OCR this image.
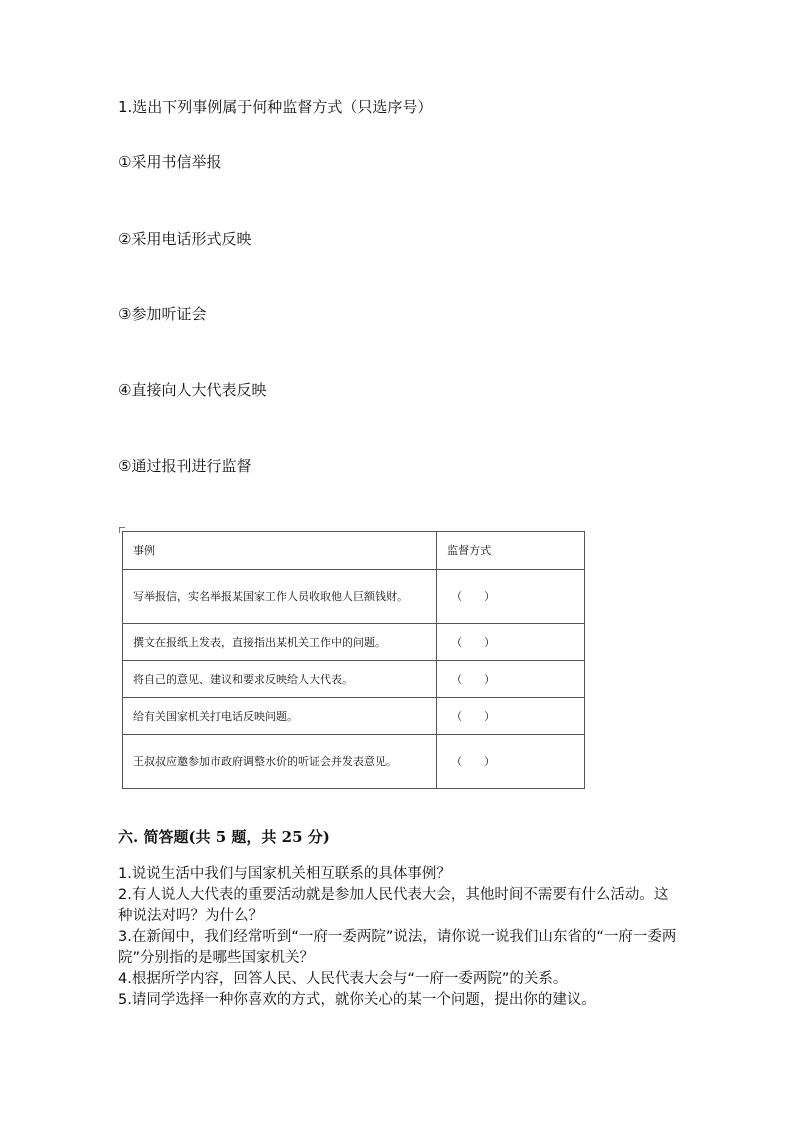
1.选出下列事例属于何种监督方式（只选序号）
①采用书信举报
②采用电话形式反映
③参加听证会
④直接向人大代表反映
⑤通过报刊进行监督
事例	监督方式
写举报信，实名举报某国家工作人员收取他人巨额钱财。	（　　）
撰文在报纸上发表，直接指出某机关工作中的问题。	（　　）
将自己的意见、建议和要求反映给人大代表。	（　　）
给有关国家机关打电话反映问题。	（　　）
王叔叔应邀参加市政府调整水价的听证会并发表意见。	（　　）
六. 简答题(共 5 题，共 25 分)
1.说说生活中我们与国家机关相互联系的具体事例？
2.有人说人大代表的重要活动就是参加人民代表大会，其他时间不需要有什么活动。这种说法对吗？为什么？
3.在新闻中，我们经常听到“一府一委两院”说法，请你说一说我们山东省的“一府一委两院”分别指的是哪些国家机关？
4.根据所学内容，回答人民、人民代表大会与“一府一委两院”的关系。
5.请同学选择一种你喜欢的方式，就你关心的某一个问题，提出你的建议。
